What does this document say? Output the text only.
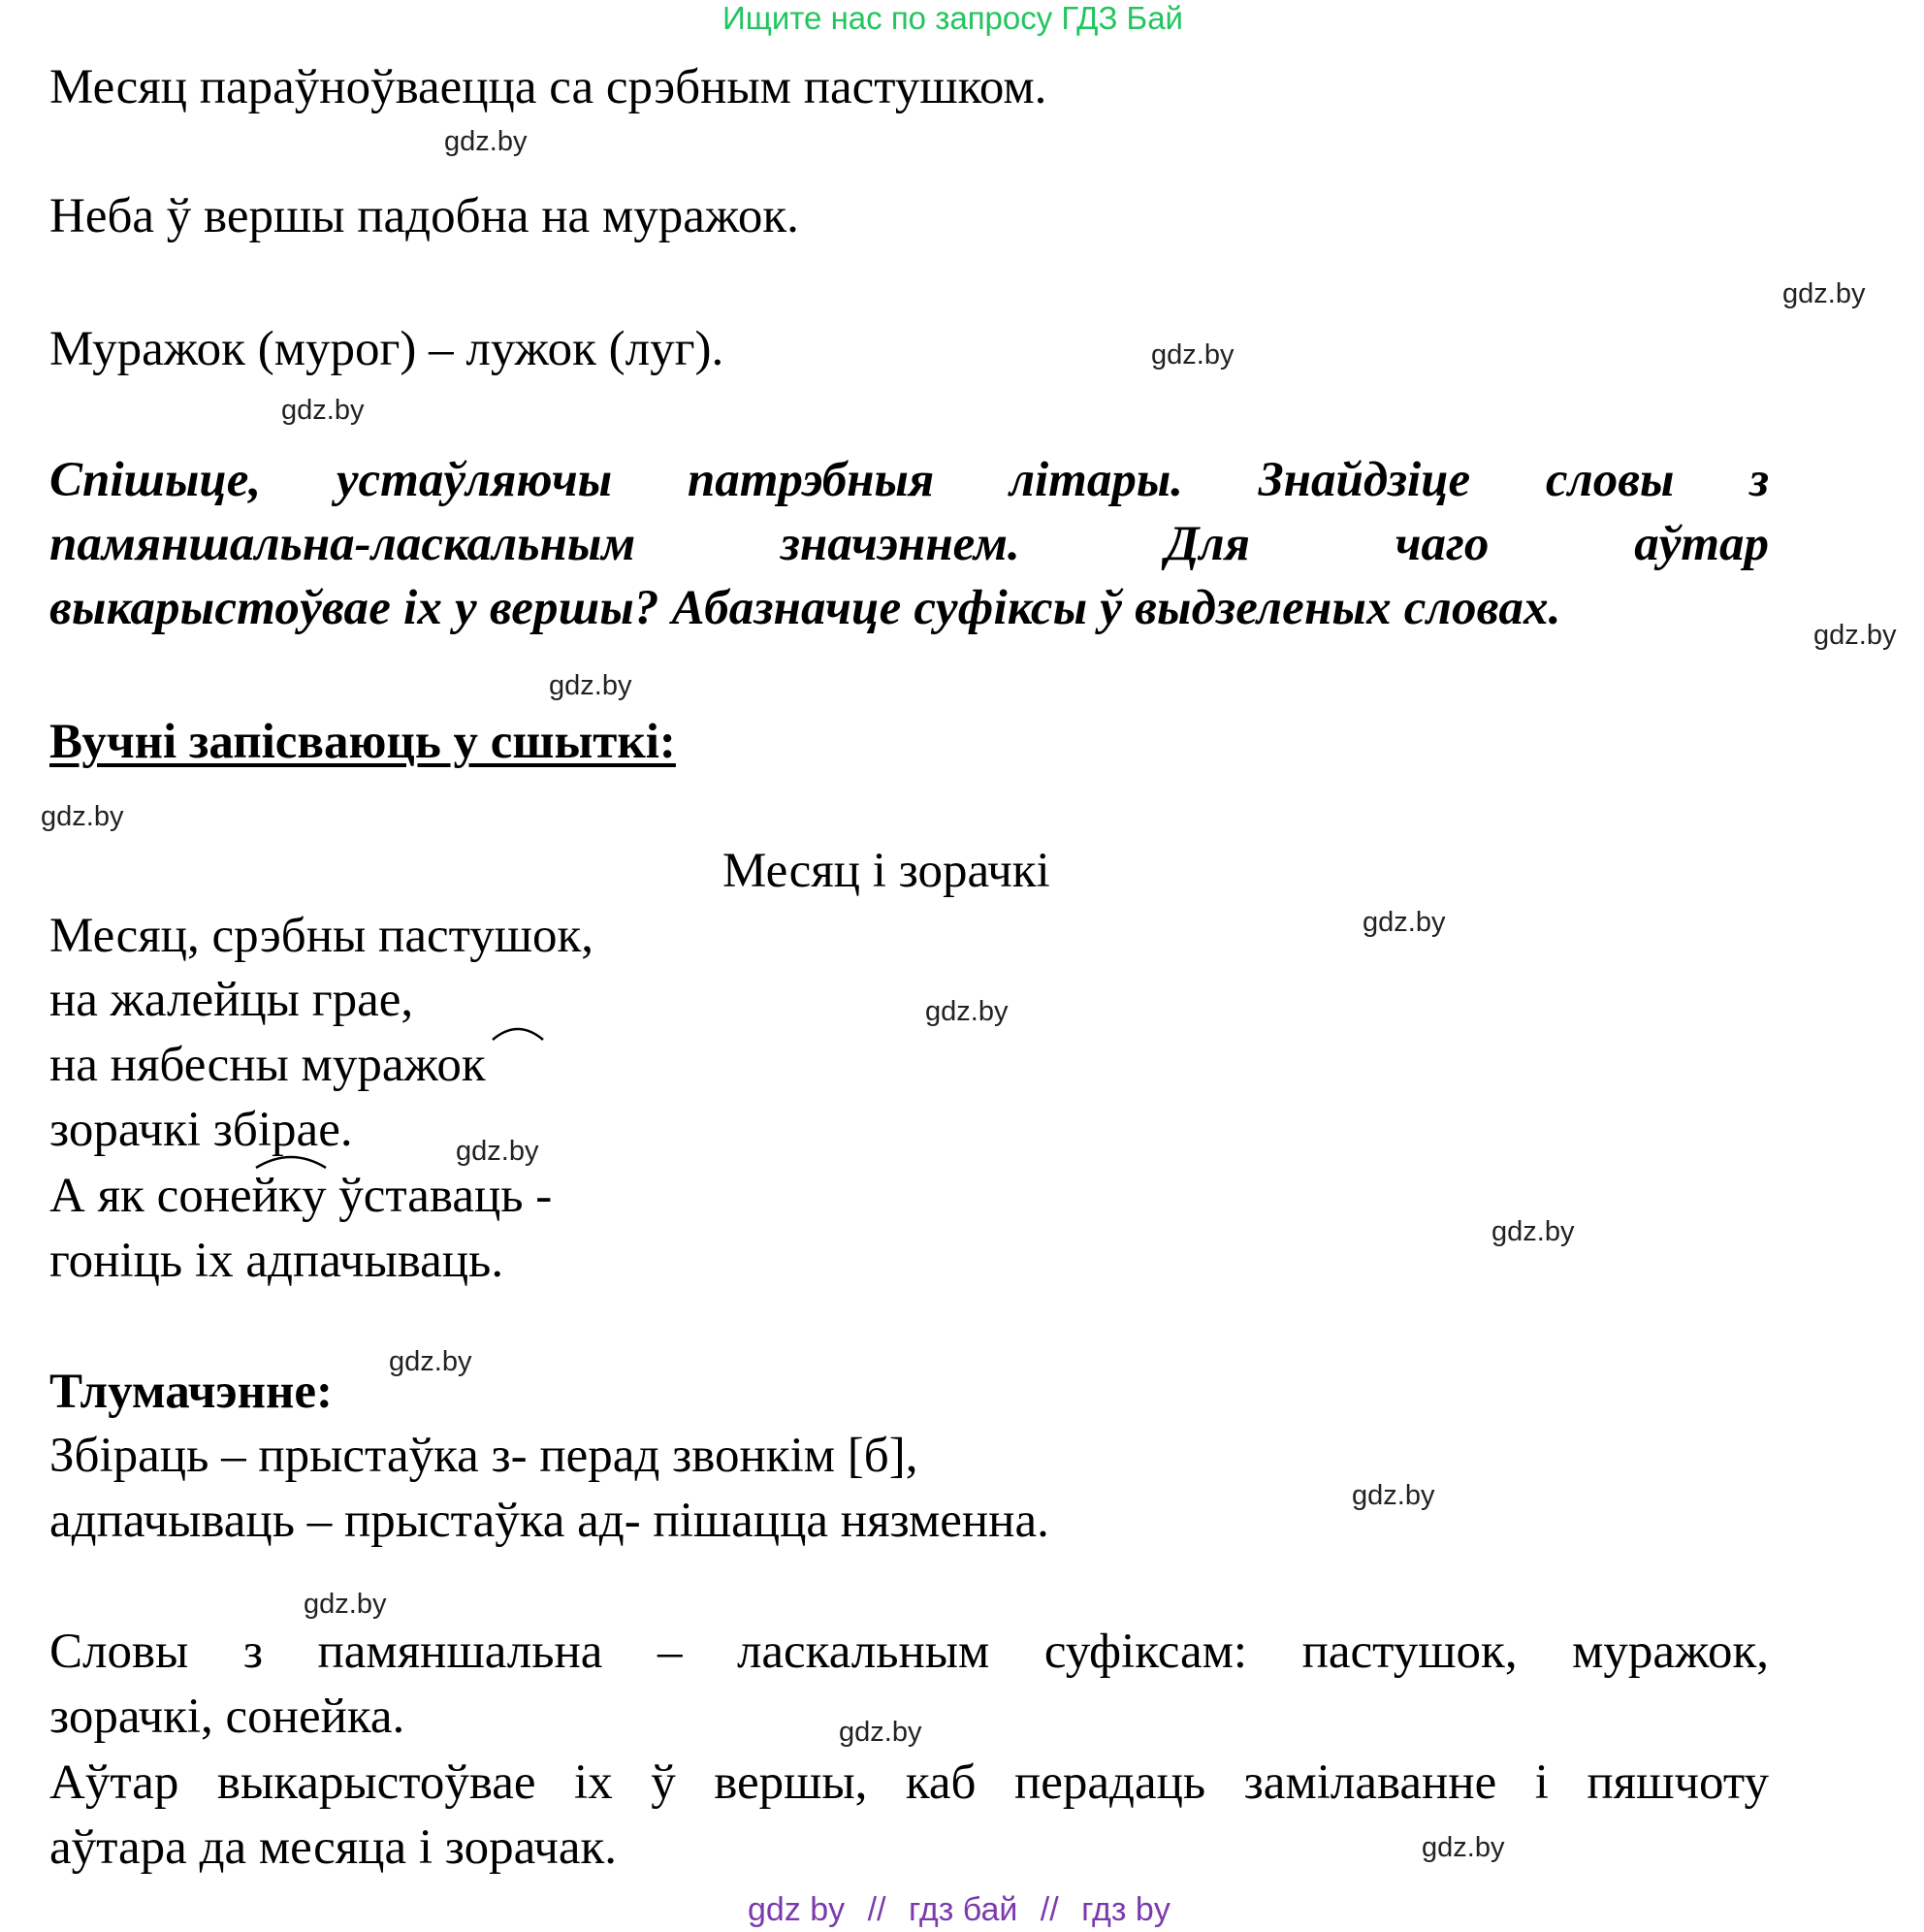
Ищите нас по запросу ГДЗ Бай
Месяц параўноўваецца са срэбным пастушком.
Неба ў вершы падобна на муражок.
Муражок (мурог) – лужок (луг).
Спішыце, устаўляючы патрэбныя літары. Знайдзіце словы з
памяншальна-ласкальным значэннем. Для чаго аўтар
выкарыстоўвае іх у вершы? Абазначце суфіксы ў выдзеленых словах.
Вучні запісваюць у сшыткі:
Месяц і зорачкі
Месяц, срэбны пастушок,
на жалейцы грае,
на нябесны муражок
зорачкі збірае.
А як сонейку ўставаць -
гоніць іх адпачываць.
Тлумачэнне:
Збіраць – прыстаўка з- перад звонкім [б],
адпачываць – прыстаўка ад- пішацца нязменна.
Словы з памяншальна – ласкальным суфіксам: пастушок, муражок,
зорачкі, сонейка.
Аўтар выкарыстоўвае іх ў вершы, каб перадаць замілаванне і пяшчоту
аўтара да месяца і зорачак.
gdz.by
gdz.by
gdz.by
gdz.by
gdz.by
gdz.by
gdz.by
gdz.by
gdz.by
gdz.by
gdz.by
gdz.by
gdz.by
gdz.by
gdz.by
gdz.by
gdz by // гдз бай // гдз by
